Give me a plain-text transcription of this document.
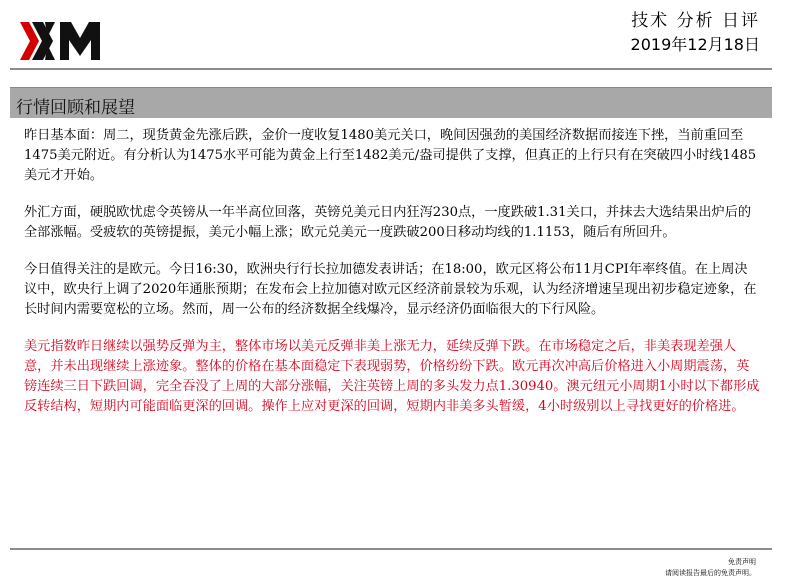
技术 分析 日评
2019年12月18日
行情回顾和展望

昨日基本面：周二，现货黄金先涨后跌，金价一度收复1480美元关口，晚间因强劲的美国经济数据而接连下挫，当前重回至1475美元附近。有分析认为1475水平可能为黄金上行至1482美元/盎司提供了支撑，但真正的上行只有在突破四小时线1485美元才开始。

外汇方面，硬脱欧忧虑令英镑从一年半高位回落，英镑兑美元日内狂泻230点，一度跌破1.31关口，并抹去大选结果出炉后的全部涨幅。受疲软的英镑提振，美元小幅上涨；欧元兑美元一度跌破200日移动均线的1.1153，随后有所回升。

今日值得关注的是欧元。今日16:30，欧洲央行行长拉加德发表讲话；在18:00，欧元区将公布11月CPI年率终值。在上周决议中，欧央行上调了2020年通胀预期；在发布会上拉加德对欧元区经济前景较为乐观，认为经济增速呈现出初步稳定迹象，在长时间内需要宽松的立场。然而，周一公布的经济数据全线爆冷，显示经济仍面临很大的下行风险。

美元指数昨日继续以强势反弹为主，整体市场以美元反弹非美上涨无力，延续反弹下跌。在市场稳定之后，非美表现差强人意，并未出现继续上涨迹象。整体的价格在基本面稳定下表现弱势，价格纷纷下跌。欧元再次冲高后价格进入小周期震荡，英镑连续三日下跌回调，完全吞没了上周的大部分涨幅，关注英镑上周的多头发力点1.30940。澳元纽元小周期1小时以下都形成反转结构，短期内可能面临更深的回调。操作上应对更深的回调，短期内非美多头暂缓，4小时级别以上寻找更好的价格进。

免责声明
请阅读报告最后的免责声明。
